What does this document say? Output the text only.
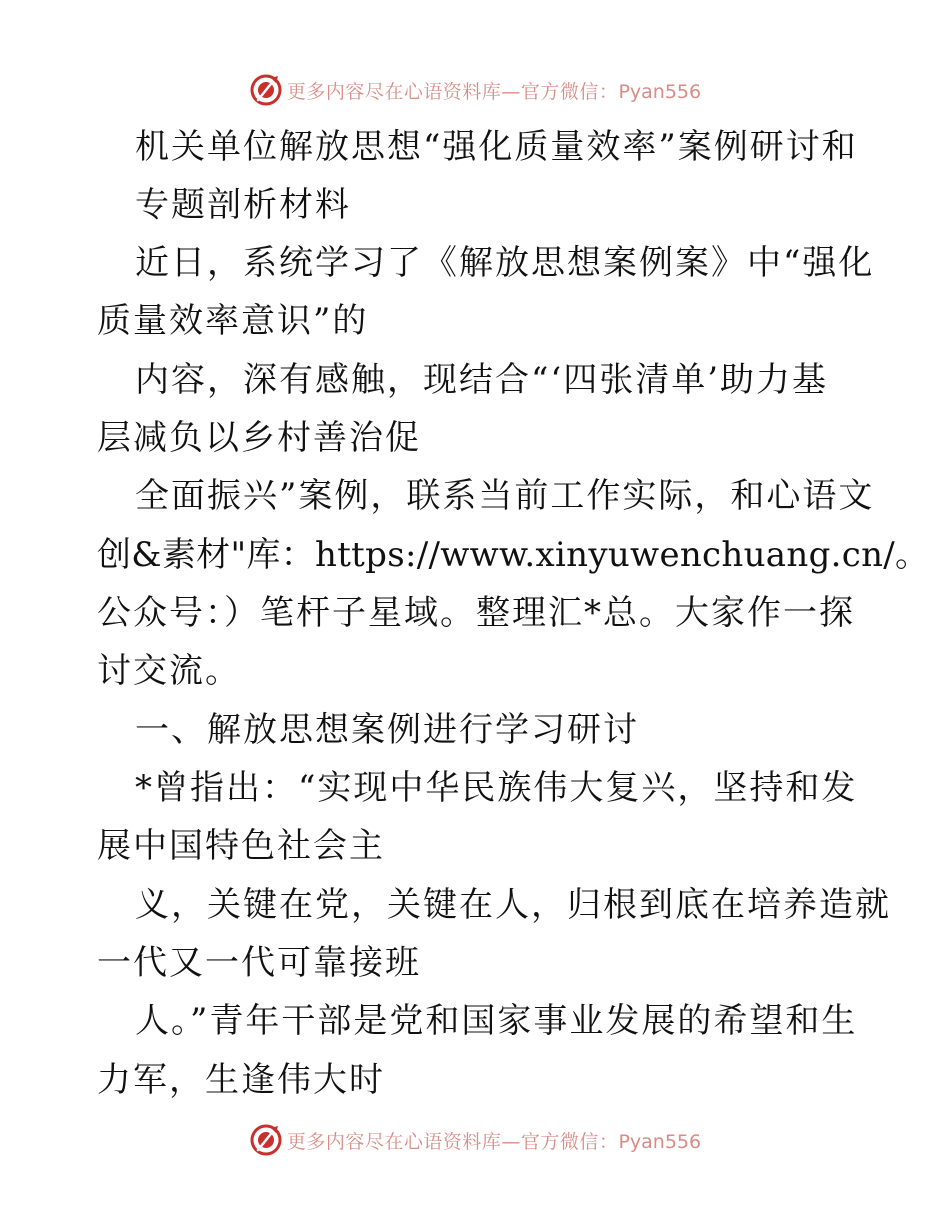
更多内容尽在心语资料库—官方微信：Pyan556
机关单位解放思想“强化质量效率”案例研讨和
专题剖析材料
近日，系统学习了《解放思想案例案》中“强化
质量效率意识”的
内容，深有感触，现结合“‘四张清单’助力基
层减负以乡村善治促
全面振兴”案例，联系当前工作实际，和心语文
创&素材"库：https://www.xinyuwenchuang.cn/。
公众号：）笔杆子星域。整理汇*总。大家作一探
讨交流。
一、解放思想案例进行学习研讨
*曾指出：“实现中华民族伟大复兴，坚持和发
展中国特色社会主
义，关键在党，关键在人，归根到底在培养造就
一代又一代可靠接班
人。”青年干部是党和国家事业发展的希望和生
力军，生逢伟大时
更多内容尽在心语资料库—官方微信：Pyan556
